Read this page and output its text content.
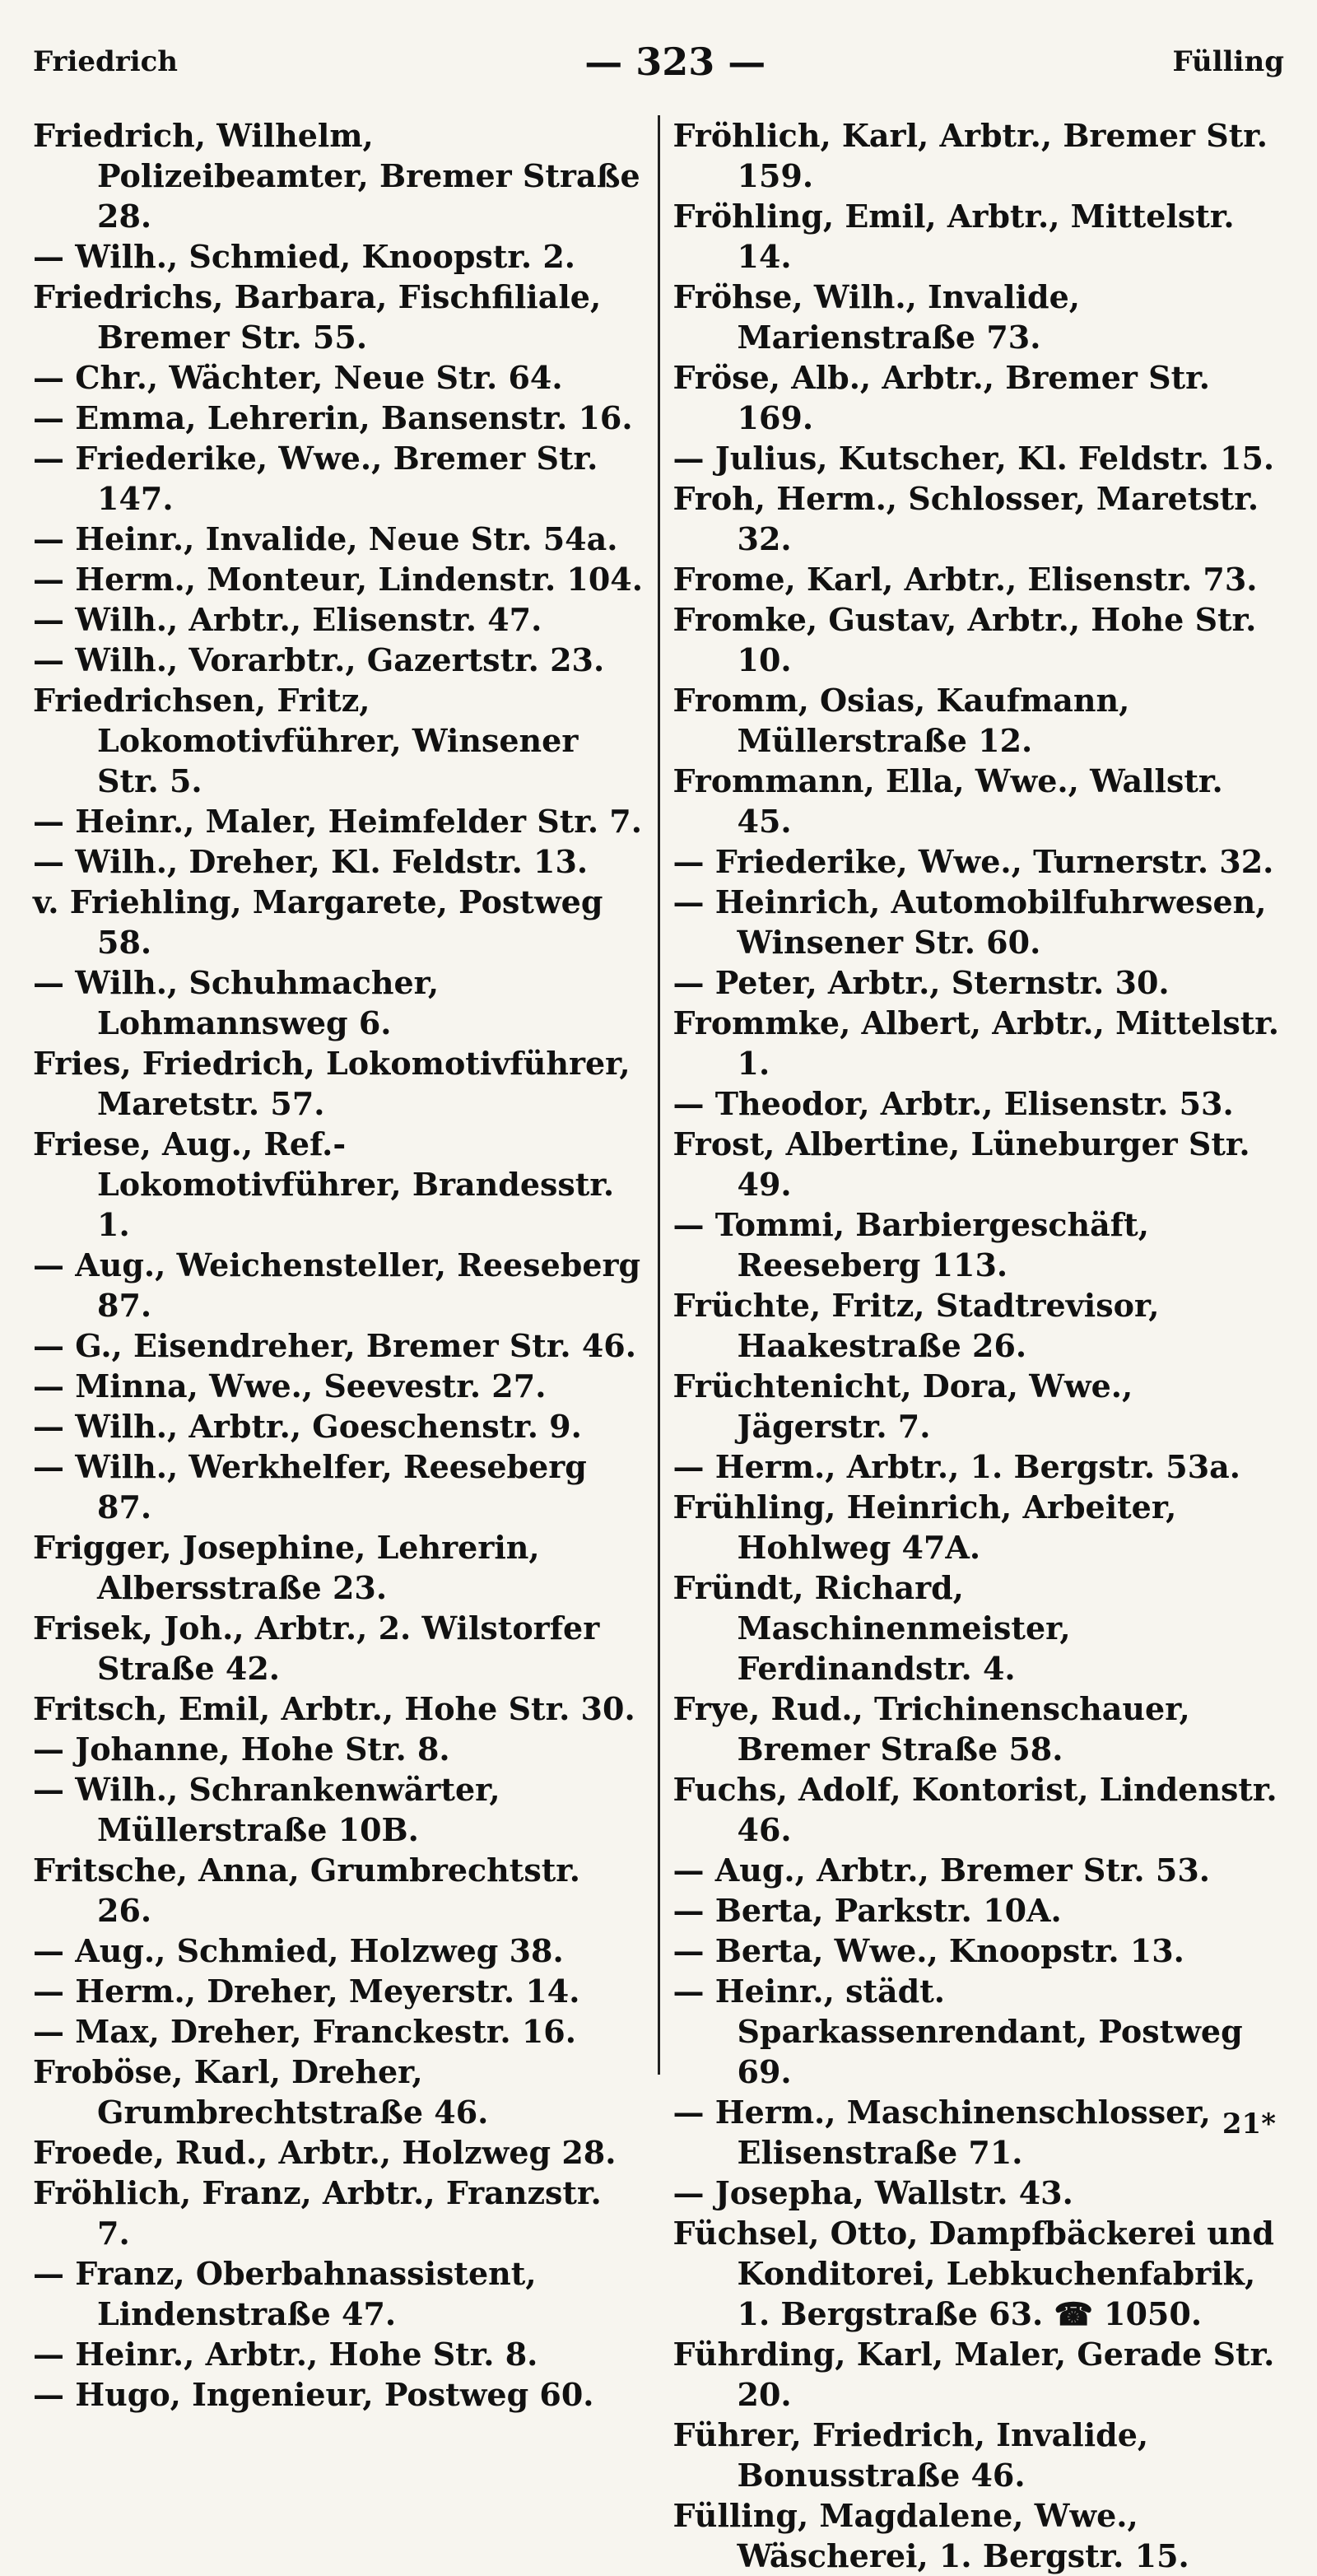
Friedrich	— 323 —	Fülling
Friedrich, Wilhelm, Polizeibeamter, Bremer Straße 28.
— Wilh., Schmied, Knoopstr. 2.
Friedrichs, Barbara, Fischfiliale, Bremer Str. 55.
— Chr., Wächter, Neue Str. 64.
— Emma, Lehrerin, Bansenstr. 16.
— Friederike, Wwe., Bremer Str. 147.
— Heinr., Invalide, Neue Str. 54a.
— Herm., Monteur, Lindenstr. 104.
— Wilh., Arbtr., Elisenstr. 47.
— Wilh., Vorarbtr., Gazertstr. 23.
Friedrichsen, Fritz, Lokomotivführer, Winsener Str. 5.
— Heinr., Maler, Heimfelder Str. 7.
— Wilh., Dreher, Kl. Feldstr. 13.
v. Friehling, Margarete, Postweg 58.
— Wilh., Schuhmacher, Lohmannsweg 6.
Fries, Friedrich, Lokomotivführer, Maretstr. 57.
Friese, Aug., Ref.-Lokomotivführer, Brandesstr. 1.
— Aug., Weichensteller, Reeseberg 87.
— G., Eisendreher, Bremer Str. 46.
— Minna, Wwe., Seevestr. 27.
— Wilh., Arbtr., Goeschenstr. 9.
— Wilh., Werkhelfer, Reeseberg 87.
Frigger, Josephine, Lehrerin, Albersstraße 23.
Frisek, Joh., Arbtr., 2. Wilstorfer Straße 42.
Fritsch, Emil, Arbtr., Hohe Str. 30.
— Johanne, Hohe Str. 8.
— Wilh., Schrankenwärter, Müllerstraße 10B.
Fritsche, Anna, Grumbrechtstr. 26.
— Aug., Schmied, Holzweg 38.
— Herm., Dreher, Meyerstr. 14.
— Max, Dreher, Franckestr. 16.
Froböse, Karl, Dreher, Grumbrechtstraße 46.
Froede, Rud., Arbtr., Holzweg 28.
Fröhlich, Franz, Arbtr., Franzstr. 7.
— Franz, Oberbahnassistent, Lindenstraße 47.
— Heinr., Arbtr., Hohe Str. 8.
— Hugo, Ingenieur, Postweg 60.
Fröhlich, Karl, Arbtr., Bremer Str. 159.
Fröhling, Emil, Arbtr., Mittelstr. 14.
Fröhse, Wilh., Invalide, Marienstraße 73.
Fröse, Alb., Arbtr., Bremer Str. 169.
— Julius, Kutscher, Kl. Feldstr. 15.
Froh, Herm., Schlosser, Maretstr. 32.
Frome, Karl, Arbtr., Elisenstr. 73.
Fromke, Gustav, Arbtr., Hohe Str. 10.
Fromm, Osias, Kaufmann, Müllerstraße 12.
Frommann, Ella, Wwe., Wallstr. 45.
— Friederike, Wwe., Turnerstr. 32.
— Heinrich, Automobilfuhrwesen, Winsener Str. 60.
— Peter, Arbtr., Sternstr. 30.
Frommke, Albert, Arbtr., Mittelstr. 1.
— Theodor, Arbtr., Elisenstr. 53.
Frost, Albertine, Lüneburger Str. 49.
— Tommi, Barbiergeschäft, Reeseberg 113.
Früchte, Fritz, Stadtrevisor, Haakestraße 26.
Früchtenicht, Dora, Wwe., Jägerstr. 7.
— Herm., Arbtr., 1. Bergstr. 53a.
Frühling, Heinrich, Arbeiter, Hohlweg 47A.
Fründt, Richard, Maschinenmeister, Ferdinandstr. 4.
Frye, Rud., Trichinenschauer, Bremer Straße 58.
Fuchs, Adolf, Kontorist, Lindenstr. 46.
— Aug., Arbtr., Bremer Str. 53.
— Berta, Parkstr. 10A.
— Berta, Wwe., Knoopstr. 13.
— Heinr., städt. Sparkassenrendant, Postweg 69.
— Herm., Maschinenschlosser, Elisenstraße 71.
— Josepha, Wallstr. 43.
Füchsel, Otto, Dampfbäckerei und Konditorei, Lebkuchenfabrik, 1. Bergstraße 63. ☎ 1050.
Führding, Karl, Maler, Gerade Str. 20.
Führer, Friedrich, Invalide, Bonusstraße 46.
Fülling, Magdalene, Wwe., Wäscherei, 1. Bergstr. 15.
21*
